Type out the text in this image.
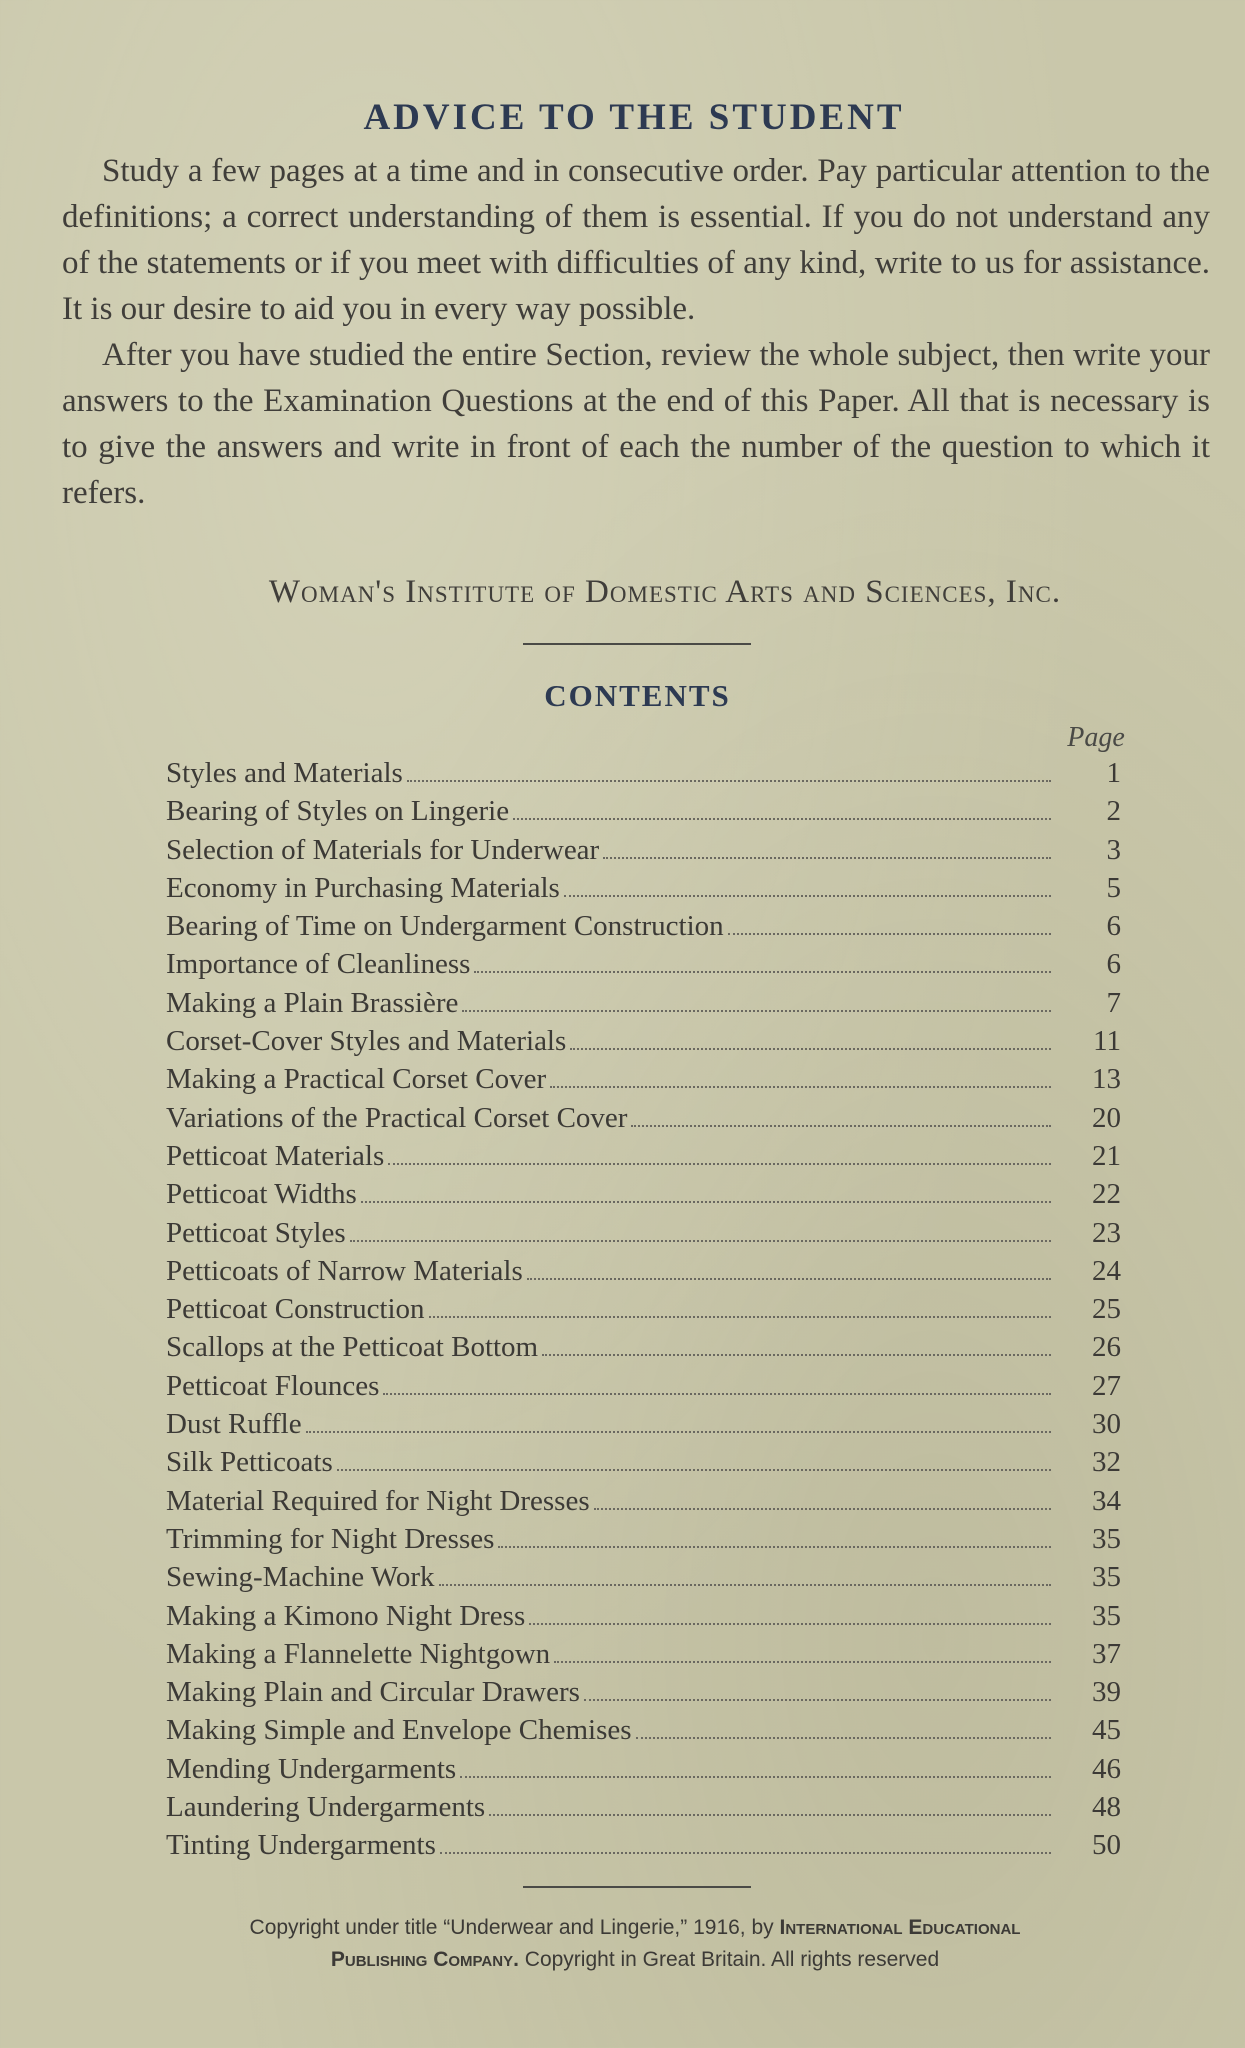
ADVICE TO THE STUDENT

Study a few pages at a time and in consecutive order. Pay particular attention to the definitions; a correct understanding of them is essential. If you do not understand any of the statements or if you meet with difficulties of any kind, write to us for assistance. It is our desire to aid you in every way possible.

After you have studied the entire Section, review the whole subject, then write your answers to the Examination Questions at the end of this Paper. All that is necessary is to give the answers and write in front of each the number of the question to which it refers.

Woman's Institute of Domestic Arts and Sciences, Inc.
CONTENTS
Page
Styles and Materials	1
Bearing of Styles on Lingerie	2
Selection of Materials for Underwear	3
Economy in Purchasing Materials	5
Bearing of Time on Undergarment Construction	6
Importance of Cleanliness	6
Making a Plain Brassière	7
Corset-Cover Styles and Materials	11
Making a Practical Corset Cover	13
Variations of the Practical Corset Cover	20
Petticoat Materials	21
Petticoat Widths	22
Petticoat Styles	23
Petticoats of Narrow Materials	24
Petticoat Construction	25
Scallops at the Petticoat Bottom	26
Petticoat Flounces	27
Dust Ruffle	30
Silk Petticoats	32
Material Required for Night Dresses	34
Trimming for Night Dresses	35
Sewing-Machine Work	35
Making a Kimono Night Dress	35
Making a Flannelette Nightgown	37
Making Plain and Circular Drawers	39
Making Simple and Envelope Chemises	45
Mending Undergarments	46
Laundering Undergarments	48
Tinting Undergarments	50
Copyright under title “Underwear and Lingerie,” 1916, by International Educational
Publishing Company. Copyright in Great Britain. All rights reserved
